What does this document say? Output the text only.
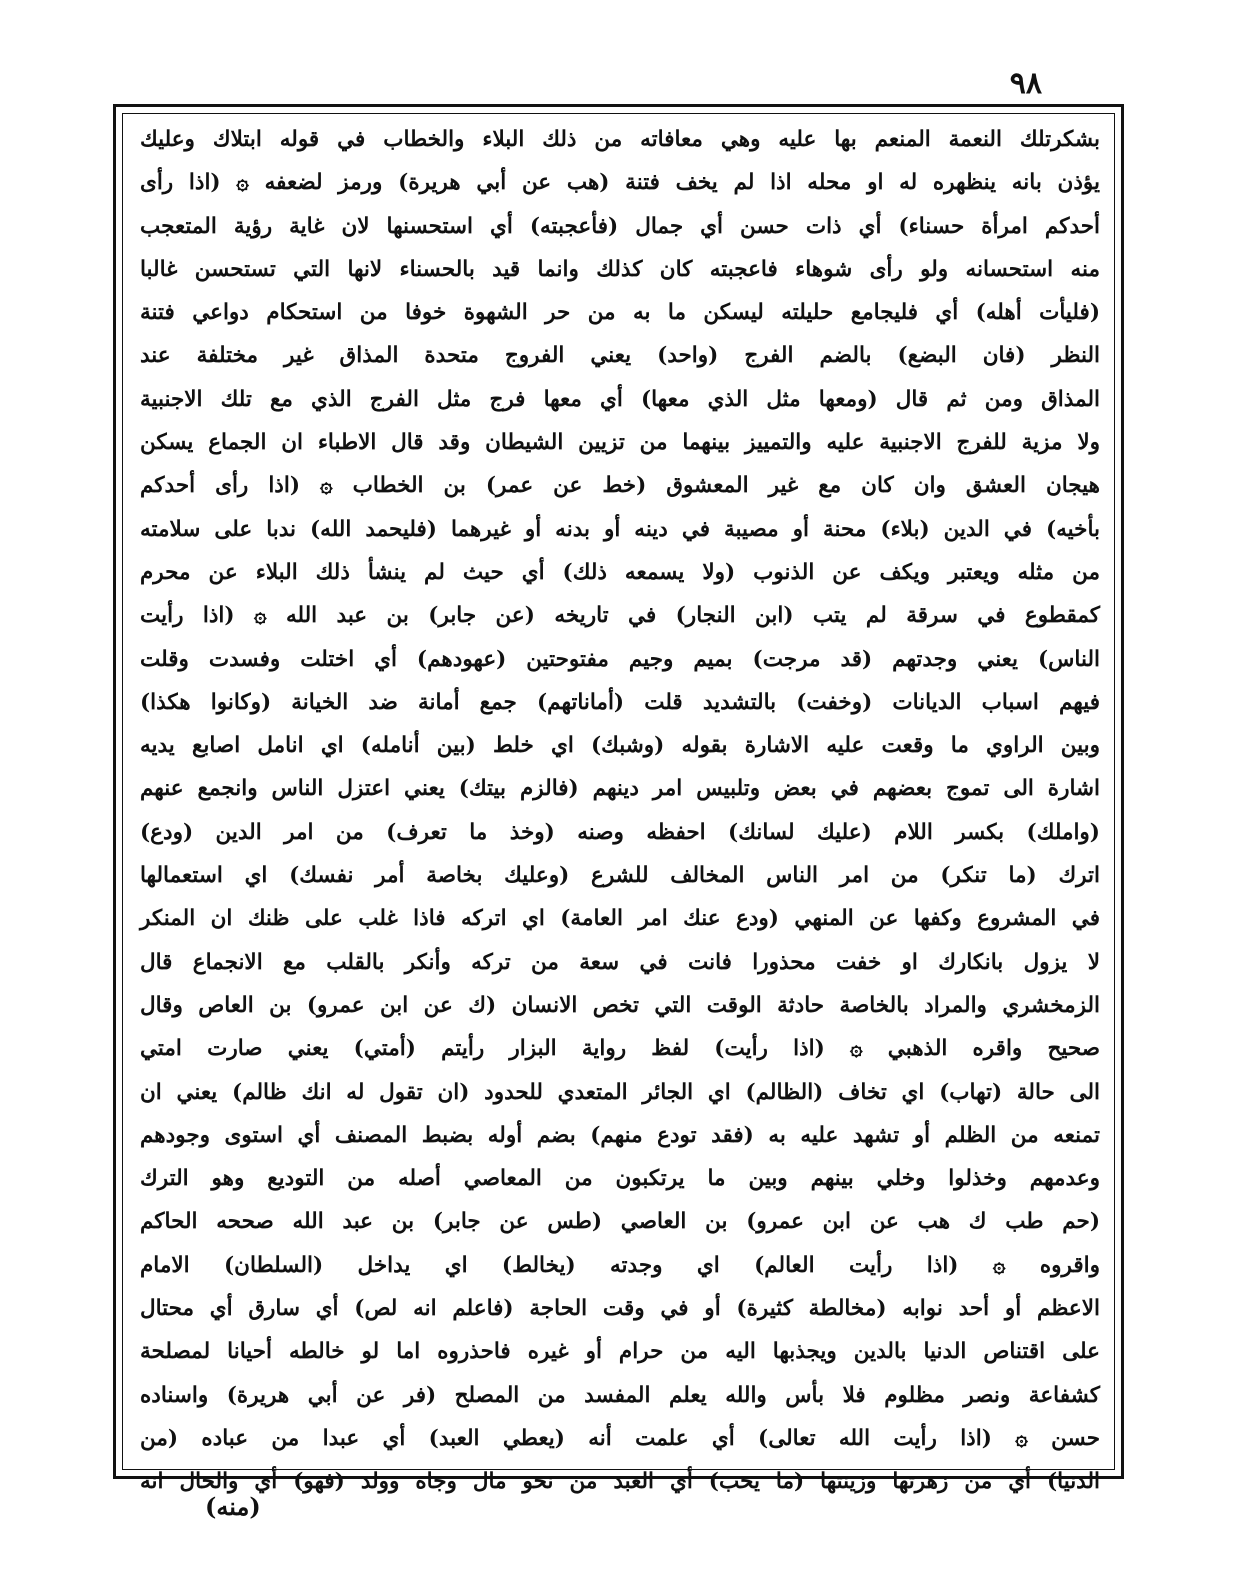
٩٨
بشكرتلك النعمة المنعم بها عليه وهي معافاته من ذلك البلاء والخطاب في قوله ابتلاك وعليك
يؤذن بانه ينظهره له او محله اذا لم يخف فتنة (هب عن أبي هريرة) ورمز لضعفه ۞ (اذا رأى
أحدكم امرأة حسناء) أي ذات حسن أي جمال (فأعجبته) أي استحسنها لان غاية رؤية المتعجب
منه استحسانه ولو رأى شوهاء فاعجبته كان كذلك وانما قيد بالحسناء لانها التي تستحسن غالبا
(فليأت أهله) أي فليجامع حليلته ليسكن ما به من حر الشهوة خوفا من استحكام دواعي فتنة
النظر (فان البضع) بالضم الفرج (واحد) يعني الفروج متحدة المذاق غير مختلفة عند
المذاق ومن ثم قال (ومعها مثل الذي معها) أي معها فرج مثل الفرج الذي مع تلك الاجنبية
ولا مزية للفرج الاجنبية عليه والتمييز بينهما من تزيين الشيطان وقد قال الاطباء ان الجماع يسكن
هيجان العشق وان كان مع غير المعشوق (خط عن عمر) بن الخطاب ۞ (اذا رأى أحدكم
بأخيه) في الدين (بلاء) محنة أو مصيبة في دينه أو بدنه أو غيرهما (فليحمد الله) ندبا على سلامته
من مثله ويعتبر ويكف عن الذنوب (ولا يسمعه ذلك) أي حيث لم ينشأ ذلك البلاء عن محرم
كمقطوع في سرقة لم يتب (ابن النجار) في تاريخه (عن جابر) بن عبد الله ۞ (اذا رأيت
الناس) يعني وجدتهم (قد مرجت) بميم وجيم مفتوحتين (عهودهم) أي اختلت وفسدت وقلت
فيهم اسباب الديانات (وخفت) بالتشديد قلت (أماناتهم) جمع أمانة ضد الخيانة (وكانوا هكذا)
وبين الراوي ما وقعت عليه الاشارة بقوله (وشبك) اي خلط (بين أنامله) اي انامل اصابع يديه
اشارة الى تموج بعضهم في بعض وتلبيس امر دينهم (فالزم بيتك) يعني اعتزل الناس وانجمع عنهم
(واملك) بكسر اللام (عليك لسانك) احفظه وصنه (وخذ ما تعرف) من امر الدين (ودع)
اترك (ما تنكر) من امر الناس المخالف للشرع (وعليك بخاصة أمر نفسك) اي استعمالها
في المشروع وكفها عن المنهي (ودع عنك امر العامة) اي اتركه فاذا غلب على ظنك ان المنكر
لا يزول بانكارك او خفت محذورا فانت في سعة من تركه وأنكر بالقلب مع الانجماع قال
الزمخشري والمراد بالخاصة حادثة الوقت التي تخص الانسان (ك عن ابن عمرو) بن العاص وقال
صحيح واقره الذهبي ۞ (اذا رأيت) لفظ رواية البزار رأيتم (أمتي) يعني صارت امتي
الى حالة (تهاب) اي تخاف (الظالم) اي الجائر المتعدي للحدود (ان تقول له انك ظالم) يعني ان
تمنعه من الظلم أو تشهد عليه به (فقد تودع منهم) بضم أوله بضبط المصنف أي استوى وجودهم
وعدمهم وخذلوا وخلي بينهم وبين ما يرتكبون من المعاصي أصله من التوديع وهو الترك
(حم طب ك هب عن ابن عمرو) بن العاصي (طس عن جابر) بن عبد الله صححه الحاكم
واقروه ۞ (اذا رأيت العالم) اي وجدته (يخالط) اي يداخل (السلطان) الامام
الاعظم أو أحد نوابه (مخالطة كثيرة) أو في وقت الحاجة (فاعلم انه لص) أي سارق أي محتال
على اقتناص الدنيا بالدين ويجذبها اليه من حرام أو غيره فاحذروه اما لو خالطه أحيانا لمصلحة
كشفاعة ونصر مظلوم فلا بأس والله يعلم المفسد من المصلح (فر عن أبي هريرة) واسناده
حسن ۞ (اذا رأيت الله تعالى) أي علمت أنه (يعطي العبد) أي عبدا من عباده (من
الدنيا) أي من زهرتها وزينتها (ما يحب) أي العبد من نحو مال وجاه وولد (فهو) أي والحال انه
(منه)
